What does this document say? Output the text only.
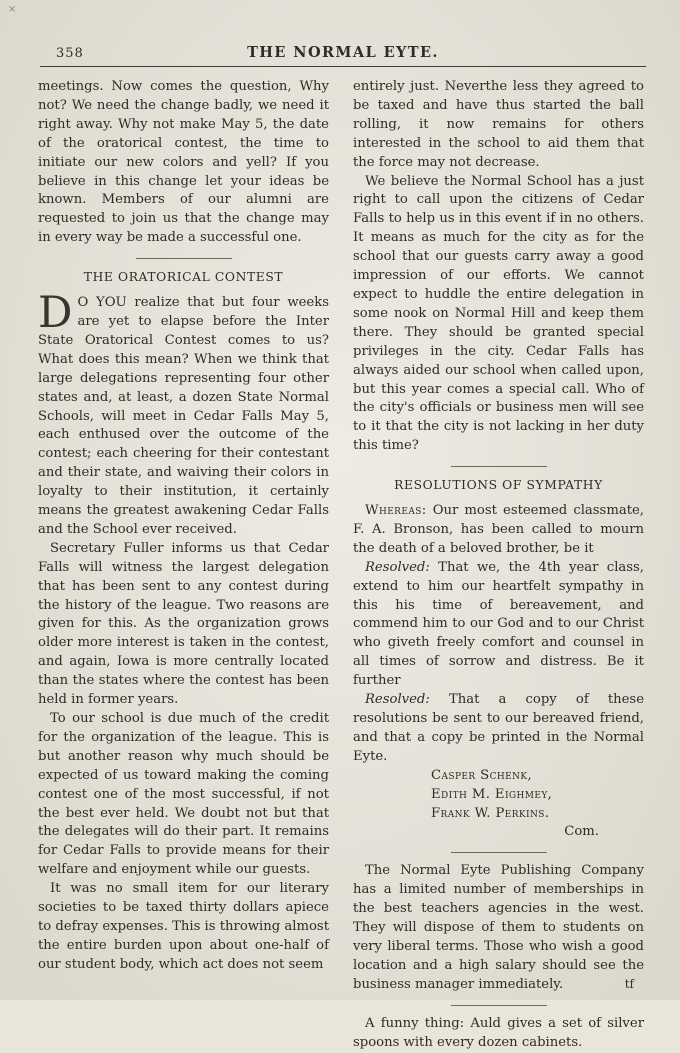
×
358	THE NORMAL EYTE.

meetings. Now comes the question, Why not? We need the change badly, we need it right away. Why not make May 5, the date of the oratorical contest, the time to initiate our new colors and yell? If you believe in this change let your ideas be known. Members of our alumni are requested to join us that the change may in every way be made a successful one.

THE ORATORICAL CONTEST

D O YOU realize that but four weeks are yet to elapse before the Inter State Oratorical Contest comes to us? What does this mean? When we think that large delegations representing four other states and, at least, a dozen State Normal Schools, will meet in Cedar Falls May 5, each enthused over the outcome of the contest; each cheering for their contestant and their state, and waiving their colors in loyalty to their institution, it certainly means the greatest awakening Cedar Falls and the School ever received.

Secretary Fuller informs us that Cedar Falls will witness the largest delegation that has been sent to any contest during the history of the league. Two reasons are given for this. As the organization grows older more interest is taken in the contest, and again, Iowa is more centrally located than the states where the contest has been held in former years.

To our school is due much of the credit for the organization of the league. This is but another reason why much should be expected of us toward making the coming contest one of the most successful, if not the best ever held. We doubt not but that the delegates will do their part. It remains for Cedar Falls to provide means for their welfare and enjoyment while our guests.

It was no small item for our literary societies to be taxed thirty dollars apiece to defray expenses. This is throwing almost the entire burden upon about one-half of our student body, which act does not seem

entirely just. Neverthe less they agreed to be taxed and have thus started the ball rolling, it now remains for others interested in the school to aid them that the force may not decrease.

We believe the Normal School has a just right to call upon the citizens of Cedar Falls to help us in this event if in no others. It means as much for the city as for the school that our guests carry away a good impression of our efforts. We cannot expect to huddle the entire delegation in some nook on Normal Hill and keep them there. They should be granted special privileges in the city. Cedar Falls has always aided our school when called upon, but this year comes a special call. Who of the city's officials or business men will see to it that the city is not lacking in her duty this time?

RESOLUTIONS OF SYMPATHY

Whereas: Our most esteemed classmate, F. A. Bronson, has been called to mourn the death of a beloved brother, be it

Resolved: That we, the 4th year class, extend to him our heartfelt sympathy in this his time of bereavement, and commend him to our God and to our Christ who giveth freely comfort and counsel in all times of sorrow and distress. Be it further

Resolved: That a copy of these resolutions be sent to our bereaved friend, and that a copy be printed in the Normal Eyte.

Casper Schenk,

Edith M. Eighmey,

Frank W. Perkins.

Com.

The Normal Eyte Publishing Company has a limited number of memberships in the best teachers agencies in the west. They will dispose of them to students on very liberal terms. Those who wish a good location and a high salary should see the business manager immediately.	tf

A funny thing: Auld gives a set of silver spoons with every dozen cabinets.
